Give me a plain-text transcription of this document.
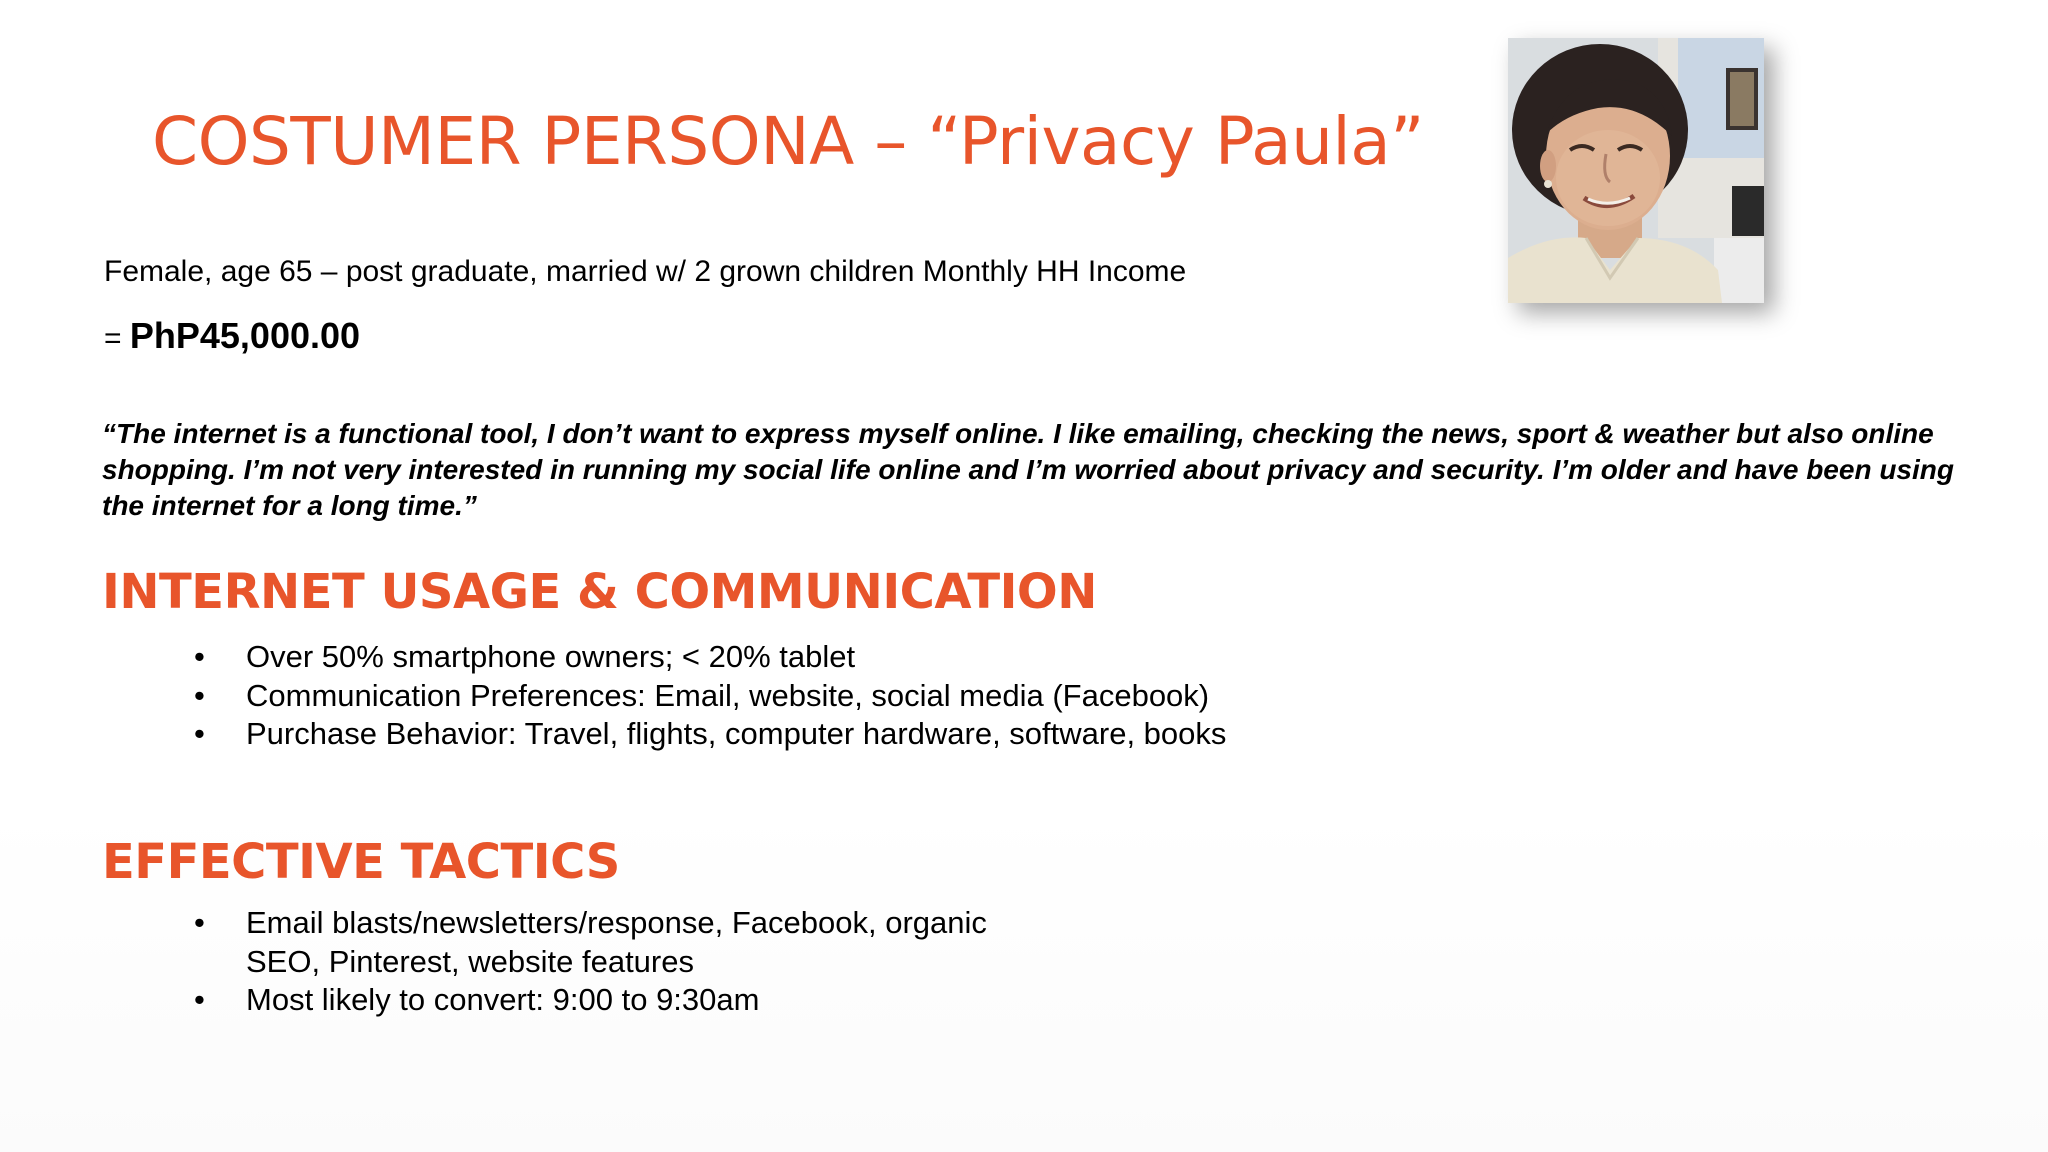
COSTUMER PERSONA – “Privacy Paula”
Female, age 65 – post graduate, married w/ 2 grown children Monthly HH Income
= PhP45,000.00
“The internet is a functional tool, I don’t want to express myself online. I like emailing, checking the news, sport & weather but also online shopping. I’m not very interested in running my social life online and I’m worried about privacy and security. I’m older and have been using the internet for a long time.”
INTERNET USAGE & COMMUNICATION
• Over 50% smartphone owners; < 20% tablet
• Communication Preferences: Email, website, social media (Facebook)
• Purchase Behavior: Travel, flights, computer hardware, software, books
EFFECTIVE TACTICS
• Email blasts/newsletters/response, Facebook, organic SEO, Pinterest, website features
• Most likely to convert: 9:00 to 9:30am
